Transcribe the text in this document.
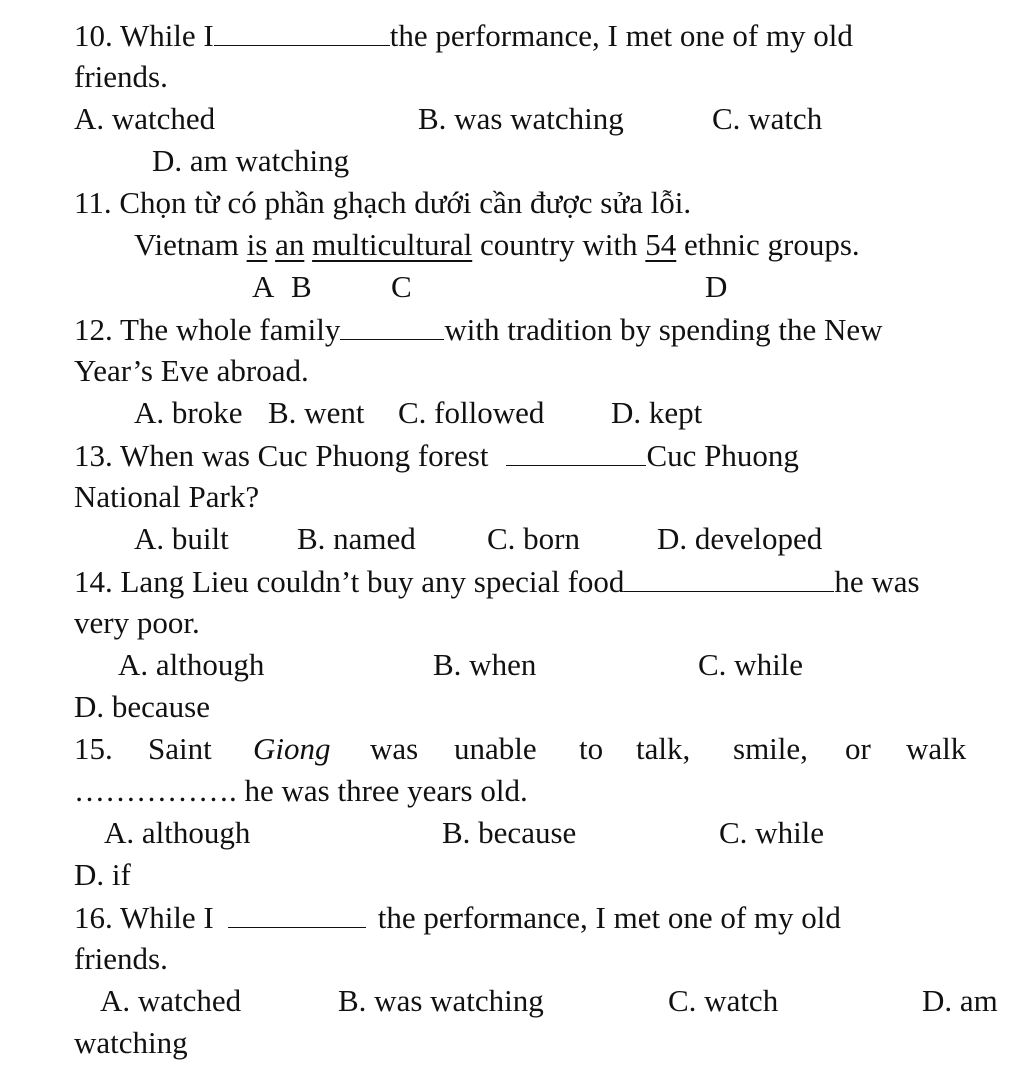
10. While I	the performance, I met one of my old
friends.
A. watched	B. was watching	C. watch
D. am watching
11. Chọn từ có phần ghạch dưới cần được sửa lỗi.
Vietnam is an multicultural country with 54 ethnic groups.
A B	C	D
12. The whole family	with tradition by spending the New
Year’s Eve abroad.
A. broke B. went C. followed D. kept
13. When was Cuc Phuong forest	Cuc Phuong
National Park?
A. built B. named C. born D. developed
14. Lang Lieu couldn’t buy any special food	he was
very poor.
A. although	B. when	C. while
D. because
15. Saint Giong was unable to talk, smile, or walk
……………. he was three years old.
A. although	B. because	C. while
D. if
16. While I	the performance, I met one of my old
friends.
A. watched	B. was watching	C. watch	D. am
watching
